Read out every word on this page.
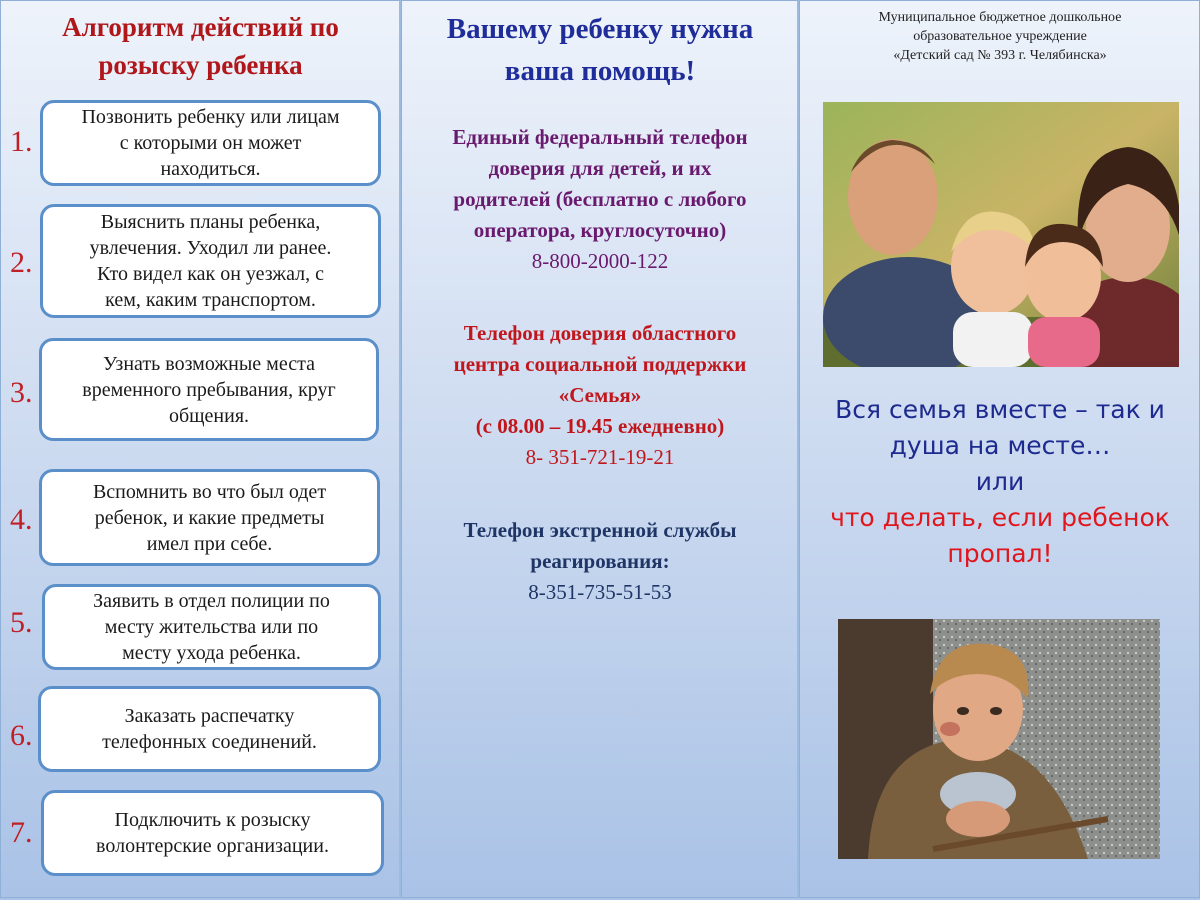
Алгоритм действий по
розыску ребенка
1.
Позвонить ребенку или лицам
с которыми он может
находиться.
2.
Выяснить планы ребенка,
увлечения. Уходил ли ранее.
Кто видел как он уезжал, с
кем, каким транспортом.
3.
Узнать возможные места
временного пребывания, круг
общения.
4.
Вспомнить во что был одет
ребенок, и какие предметы
имел при себе.
5.
Заявить в отдел полиции по
месту жительства или по
месту ухода ребенка.
6.
Заказать распечатку
телефонных соединений.
7.	Подключить к розыску
волонтерские организации.
Вашему ребенку нужна
ваша помощь!
Единый федеральный телефон
доверия для детей, и их
родителей (бесплатно с любого
оператора, круглосуточно)
8-800-2000-122
Телефон доверия областного
центра социальной поддержки
«Семья»
(с 08.00 – 19.45 ежедневно)
8- 351-721-19-21
Телефон экстренной службы
реагирования:
8-351-735-51-53
Муниципальное бюджетное дошкольное
образовательное учреждение
«Детский сад № 393 г. Челябинска»
Вся семья вместе – так и
душа на месте…
или
что делать, если ребенок
пропал!
